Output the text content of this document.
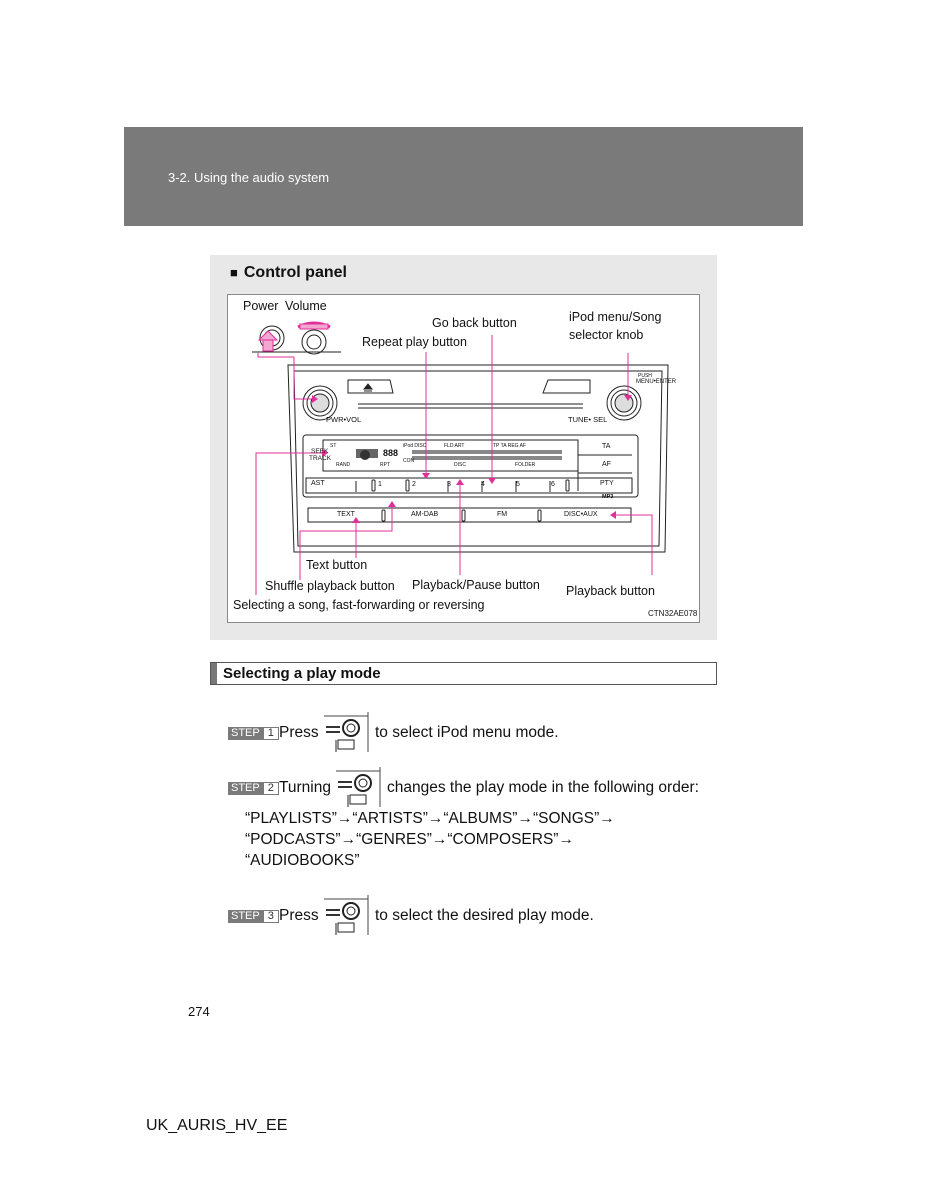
3-2. Using the audio system
■ Control panel
PWR•VOL	TUNE• SEL
PUSH
MENU•ENTER
SEEK
TRACK
ST	iPod DISC	FLD ART	TP TA REG AF
888
CON
RAND	RPT	DISC	FOLDER
AST
TA
AF
PTY
1	2	3	4	5	6
MP3
TEXT	AM-DAB	FM	DISC•AUX
Power Volume
Go back button
Repeat play button
iPod menu/Song
selector knob
Text button
Shuffle playback button Playback/Pause button Playback button
Selecting a song, fast-forwarding or reversing
CTN32AE078
Selecting a play mode
STEP 1 Press	to select iPod menu mode.
STEP 2 Turning	changes the play mode in the following order:
“PLAYLISTS”→“ARTISTS”→“ALBUMS”→“SONGS”→
“PODCASTS”→“GENRES”→“COMPOSERS”→
“AUDIOBOOKS”
STEP 3 Press	to select the desired play mode.
274
UK_AURIS_HV_EE
